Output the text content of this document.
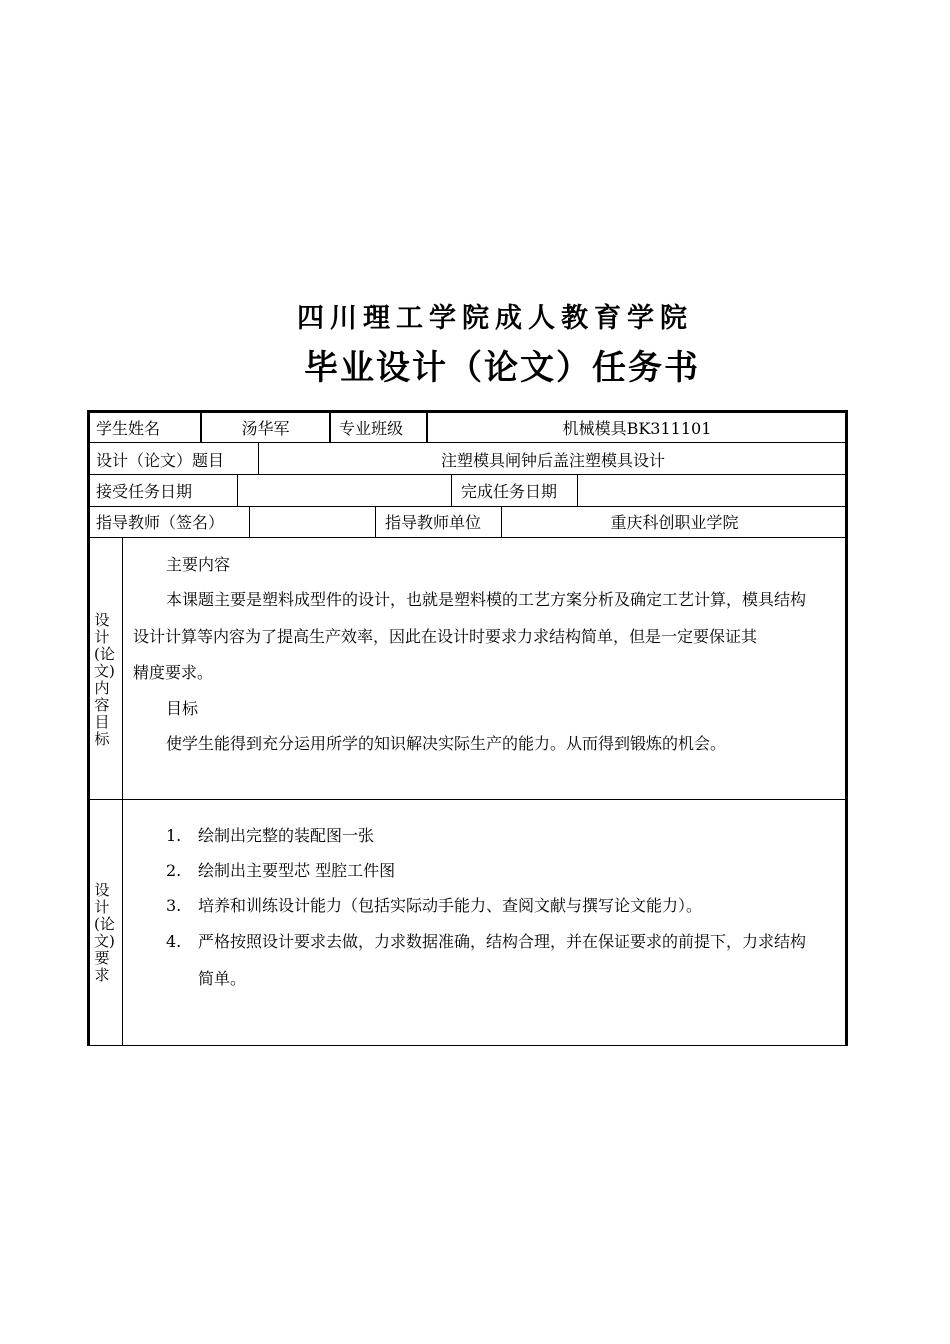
四川理工学院成人教育学院
毕业设计（论文）任务书
学生姓名	汤华军	专业班级	机械模具BK311101
设计（论文）题目	注塑模具闸钟后盖注塑模具设计
接受任务日期	完成任务日期
指导教师（签名）	指导教师单位	重庆科创职业学院
设计(论文)内容目标
主要内容
本课题主要是塑料成型件的设计，也就是塑料模的工艺方案分析及确定工艺计算，模具结构
设计计算等内容为了提高生产效率，因此在设计时要求力求结构简单，但是一定要保证其
精度要求。
目标
使学生能得到充分运用所学的知识解决实际生产的能力。从而得到锻炼的机会。
设计(论文)要求
1. 绘制出完整的装配图一张
2. 绘制出主要型芯 型腔工件图
3. 培养和训练设计能力（包括实际动手能力、查阅文献与撰写论文能力）。
4. 严格按照设计要求去做，力求数据准确，结构合理，并在保证要求的前提下，力求结构
简单。
